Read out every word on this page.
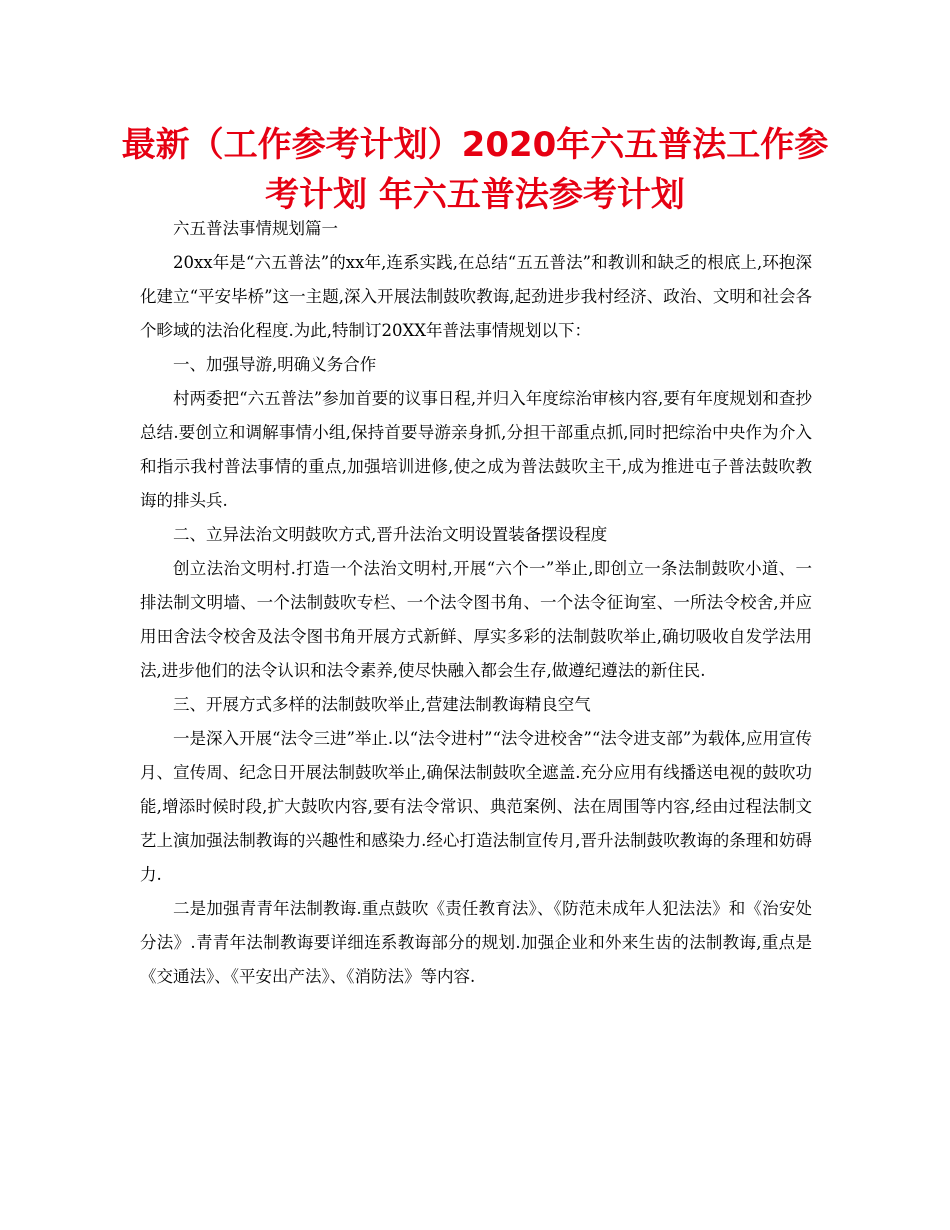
最新（工作参考计划）2020年六五普法工作参考计划 年六五普法参考计划

六五普法事情规划篇一

20xx年是“六五普法”的xx年,连系实践,在总结“五五普法”和教训和缺乏的根底上,环抱深化建立“平安毕桥”这一主题,深入开展法制鼓吹教诲,起劲进步我村经济、政治、文明和社会各个畛域的法治化程度.为此,特制订20XX年普法事情规划以下：

一、加强导游,明确义务合作

村两委把“六五普法”参加首要的议事日程,并归入年度综治审核内容,要有年度规划和查抄总结.要创立和调解事情小组,保持首要导游亲身抓,分担干部重点抓,同时把综治中央作为介入和指示我村普法事情的重点,加强培训进修,使之成为普法鼓吹主干,成为推进屯子普法鼓吹教诲的排头兵.

二、立异法治文明鼓吹方式,晋升法治文明设置装备摆设程度

创立法治文明村.打造一个法治文明村,开展“六个一”举止,即创立一条法制鼓吹小道、一排法制文明墙、一个法制鼓吹专栏、一个法令图书角、一个法令征询室、一所法令校舍,并应用田舍法令校舍及法令图书角开展方式新鲜、厚实多彩的法制鼓吹举止,确切吸收自发学法用法,进步他们的法令认识和法令素养,使尽快融入都会生存,做遵纪遵法的新住民.

三、开展方式多样的法制鼓吹举止,营建法制教诲精良空气

一是深入开展“法令三进”举止.以“法令进村”“法令进校舍”“法令进支部”为载体,应用宣传月、宣传周、纪念日开展法制鼓吹举止,确保法制鼓吹全遮盖.充分应用有线播送电视的鼓吹功能,增添时候时段,扩大鼓吹内容,要有法令常识、典范案例、法在周围等内容,经由过程法制文艺上演加强法制教诲的兴趣性和感染力.经心打造法制宣传月,晋升法制鼓吹教诲的条理和妨碍力.

二是加强青青年法制教诲.重点鼓吹《责任教育法》、《防范未成年人犯法法》和《治安处分法》.青青年法制教诲要详细连系教诲部分的规划.加强企业和外来生齿的法制教诲,重点是《交通法》、《平安出产法》、《消防法》等内容.
